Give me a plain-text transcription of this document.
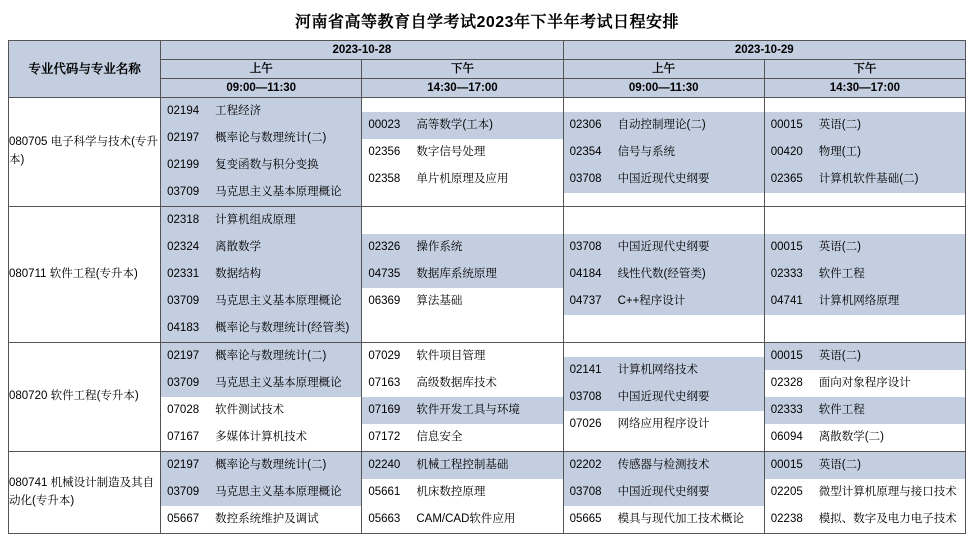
河南省高等教育自学考试2023年下半年考试日程安排
专业代码与专业名称	2023-10-28		2023-10-29	
	上午	下午	上午	下午
	09:00—11:30	14:30—17:00	09:00—11:30	14:30—17:00
080705 电子科学与技术(专升本)	
02194 工程经济
02197 概率论与数理统计(二)
02199 复变函数与积分变换
03709 马克思主义基本原理概论

00023 高等数学(工本)
02356 数字信号处理
02358 单片机原理及应用

02306 自动控制理论(二)
02354 信号与系统
03708 中国近现代史纲要

00015 英语(二)
00420 物理(工)
02365 计算机软件基础(二)

080711 软件工程(专升本)	
02318 计算机组成原理
02324 离散数学
02331 数据结构
03709 马克思主义基本原理概论
04183 概率论与数理统计(经管类)

02326 操作系统
04735 数据库系统原理
06369 算法基础

03708 中国近现代史纲要
04184 线性代数(经管类)
04737 C++程序设计

00015 英语(二)
02333 软件工程
04741 计算机网络原理

080720 软件工程(专升本)	
02197 概率论与数理统计(二)
03709 马克思主义基本原理概论
07028 软件测试技术
07167 多媒体计算机技术

07029 软件项目管理
07163 高级数据库技术
07169 软件开发工具与环境
07172 信息安全

02141 计算机网络技术
03708 中国近现代史纲要
07026 网络应用程序设计

00015 英语(二)
02328 面向对象程序设计
02333 软件工程
06094 离散数学(二)

080741 机械设计制造及其自动化(专升本)	
02197 概率论与数理统计(二)
03709 马克思主义基本原理概论
05667 数控系统维护及调试

02240 机械工程控制基础
05661 机床数控原理
05663 CAM/CAD软件应用

02202 传感器与检测技术
03708 中国近现代史纲要
05665 模具与现代加工技术概论

00015 英语(二)
02205 微型计算机原理与接口技术
02238 模拟、数字及电力电子技术
